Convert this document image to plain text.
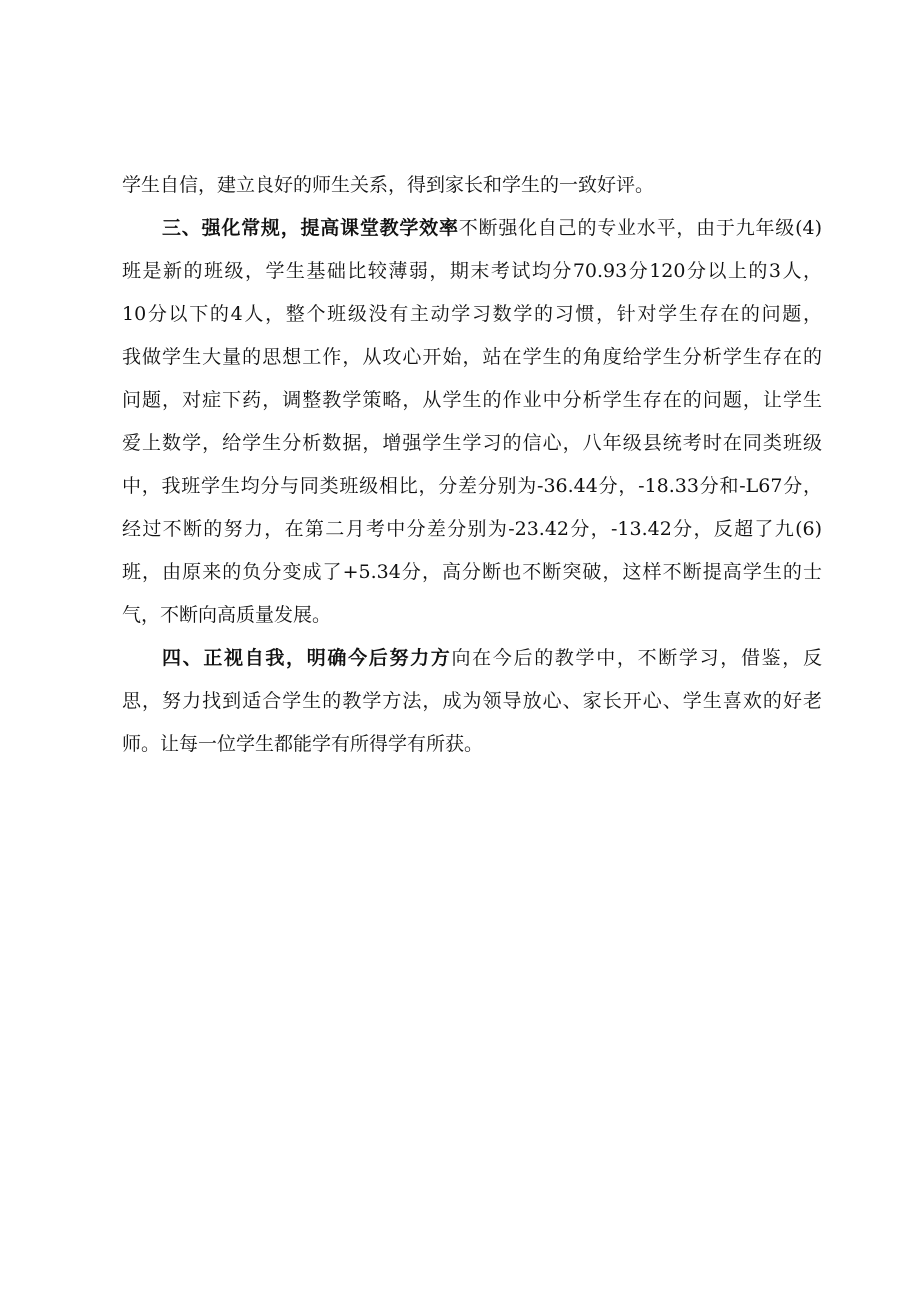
学生自信，建立良好的师生关系，得到家长和学生的一致好评。
三、强化常规，提高课堂教学效率不断强化自己的专业水平，由于九年级(4)
班是新的班级，学生基础比较薄弱，期末考试均分70.93分120分以上的3人，
10分以下的4人，整个班级没有主动学习数学的习惯，针对学生存在的问题，
我做学生大量的思想工作，从攻心开始，站在学生的角度给学生分析学生存在的
问题，对症下药，调整教学策略，从学生的作业中分析学生存在的问题，让学生
爱上数学，给学生分析数据，增强学生学习的信心，八年级县统考时在同类班级
中，我班学生均分与同类班级相比，分差分别为-36.44分，-18.33分和-L67分，
经过不断的努力，在第二月考中分差分别为-23.42分，-13.42分，反超了九(6)
班，由原来的负分变成了+5.34分，高分断也不断突破，这样不断提高学生的士
气，不断向高质量发展。
四、正视自我，明确今后努力方向在今后的教学中，不断学习，借鉴，反
思，努力找到适合学生的教学方法，成为领导放心、家长开心、学生喜欢的好老
师。让每一位学生都能学有所得学有所获。
